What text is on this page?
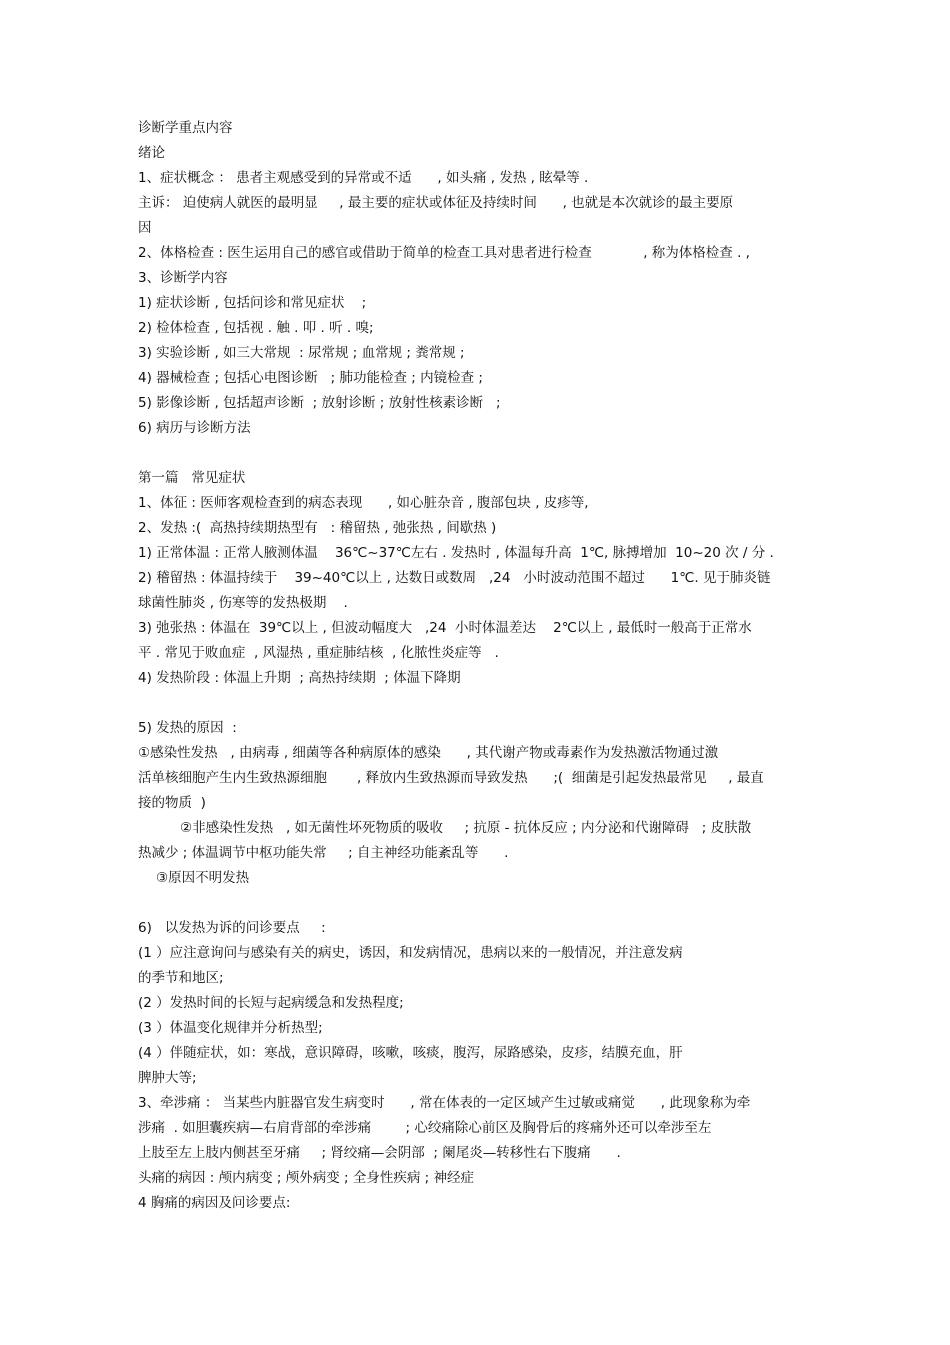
诊断学重点内容
绪论
1、症状概念 ： 患者主观感受到的异常或不适      , 如头痛 , 发热 , 眩晕等 .
主诉： 迫使病人就医的最明显     , 最主要的症状或体征及持续时间      , 也就是本次就诊的最主要原
因
2、体格检查 : 医生运用自己的感官或借助于简单的检查工具对患者进行检查            , 称为体格检查 . ,
3、诊断学内容
1) 症状诊断 , 包括问诊和常见症状    ;
2) 检体检查 , 包括视 . 触 . 叩 . 听 . 嗅;
3) 实验诊断 , 如三大常规  : 尿常规 ; 血常规 ; 粪常规 ;
4) 器械检查 ; 包括心电图诊断   ; 肺功能检查 ; 内镜检查 ;
5) 影像诊断 , 包括超声诊断  ; 放射诊断 ; 放射性核素诊断   ;
6) 病历与诊断方法
第一篇   常见症状
1、体征 : 医师客观检查到的病态表现      , 如心脏杂音 , 腹部包块 , 皮疹等,
2、发热 :(  高热持续期热型有   : 稽留热 , 弛张热 , 间歇热 )
1) 正常体温 : 正常人腋测体温    36℃~37℃左右 . 发热时 , 体温每升高  1℃, 脉搏增加  10~20 次 / 分 .
2) 稽留热 : 体温持续于    39~40℃以上 , 达数日或数周   ,24   小时波动范围不超过      1℃. 见于肺炎链
球菌性肺炎 , 伤寒等的发热极期    .
3) 弛张热 : 体温在  39℃以上 , 但波动幅度大   ,24  小时体温差达    2℃以上 , 最低时一般高于正常水
平 . 常见于败血症  , 风湿热 , 重症肺结核  , 化脓性炎症等   .
4) 发热阶段 : 体温上升期  ; 高热持续期  ; 体温下降期
5) 发热的原因  :
①感染性发热   , 由病毒 , 细菌等各种病原体的感染      , 其代谢产物或毒素作为发热激活物通过激
活单核细胞产生内生致热源细胞       , 释放内生致热源而导致发热      ;(  细菌是引起发热最常见     , 最直
接的物质  )
②非感染性发热   , 如无菌性坏死物质的吸收     ; 抗原 - 抗体反应 ; 内分泌和代谢障碍   ; 皮肤散
热减少 ; 体温调节中枢功能失常     ; 自主神经功能紊乱等      .
③原因不明发热
6)   以发热为诉的问诊要点     :
(1 ）应注意询问与感染有关的病史，诱因，和发病情况，患病以来的一般情况，并注意发病
的季节和地区;
(2 ）发热时间的长短与起病缓急和发热程度;
(3 ）体温变化规律并分析热型;
(4 ）伴随症状，如：寒战，意识障碍，咳嗽，咳痰，腹泻，尿路感染，皮疹，结膜充血，肝
脾肿大等;
3、牵涉痛 ： 当某些内脏器官发生病变时      , 常在体表的一定区域产生过敏或痛觉      , 此现象称为牵
涉痛  . 如胆囊疾病—右肩背部的牵涉痛        ; 心绞痛除心前区及胸骨后的疼痛外还可以牵涉至左
上肢至左上肢内侧甚至牙痛     ; 肾绞痛—会阴部  ; 阑尾炎—转移性右下腹痛      .
头痛的病因 : 颅内病变 ; 颅外病变 ; 全身性疾病 ; 神经症
4 胸痛的病因及问诊要点:
